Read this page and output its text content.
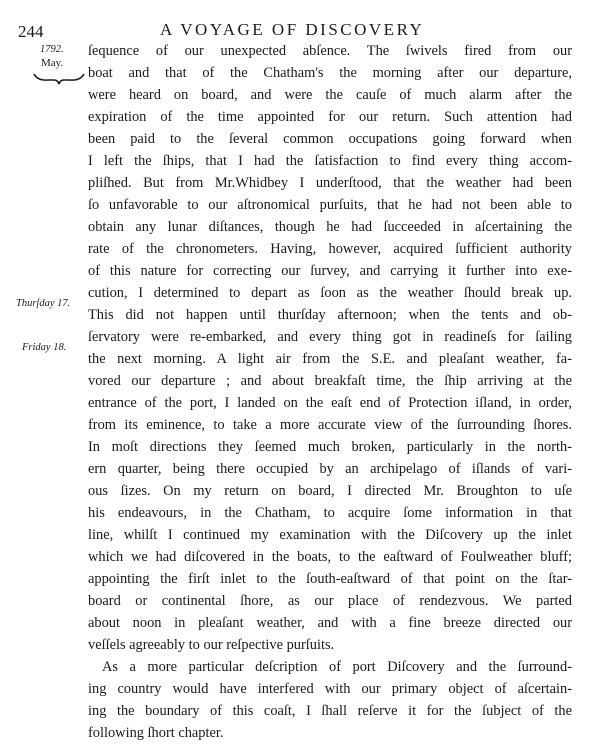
244	A VOYAGE OF DISCOVERY
1792.
May.
Thurſday 17.
Friday 18.
ſequence of our unexpected abſence. The ſwivels fired from our
boat and that of the Chatham's the morning after our departure,
were heard on board, and were the cauſe of much alarm after the
expiration of the time appointed for our return. Such attention had
been paid to the ſeveral common occupations going forward when
I left the ſhips, that I had the ſatisfaction to find every thing accom-
pliſhed. But from Mr.Whidbey I underſtood, that the weather had been
ſo unfavorable to our aſtronomical purſuits, that he had not been able to
obtain any lunar diſtances, though he had ſucceeded in aſcertaining the
rate of the chronometers. Having, however, acquired ſufficient authority
of this nature for correcting our ſurvey, and carrying it further into exe-
cution, I determined to depart as ſoon as the weather ſhould break up.
This did not happen until thurſday afternoon; when the tents and ob-
ſervatory were re-embarked, and every thing got in readineſs for ſailing
the next morning. A light air from the S.E. and pleaſant weather, fa-
vored our departure ; and about breakfaſt time, the ſhip arriving at the
entrance of the port, I landed on the eaſt end of Protection iſland, in order,
from its eminence, to take a more accurate view of the ſurrounding ſhores.
In moſt directions they ſeemed much broken, particularly in the north-
ern quarter, being there occupied by an archipelago of iſlands of vari-
ous ſizes. On my return on board, I directed Mr. Broughton to uſe
his endeavours, in the Chatham, to acquire ſome information in that
line, whilſt I continued my examination with the Diſcovery up the inlet
which we had diſcovered in the boats, to the eaſtward of Foulweather bluff;
appointing the firſt inlet to the ſouth-eaſtward of that point on the ſtar-
board or continental ſhore, as our place of rendezvous. We parted
about noon in pleaſant weather, and with a fine breeze directed our
veſſels agreeably to our reſpective purſuits.
As a more particular deſcription of port Diſcovery and the ſurround-
ing country would have interfered with our primary object of aſcertain-
ing the boundary of this coaſt, I ſhall reſerve it for the ſubject of the
following ſhort chapter.
